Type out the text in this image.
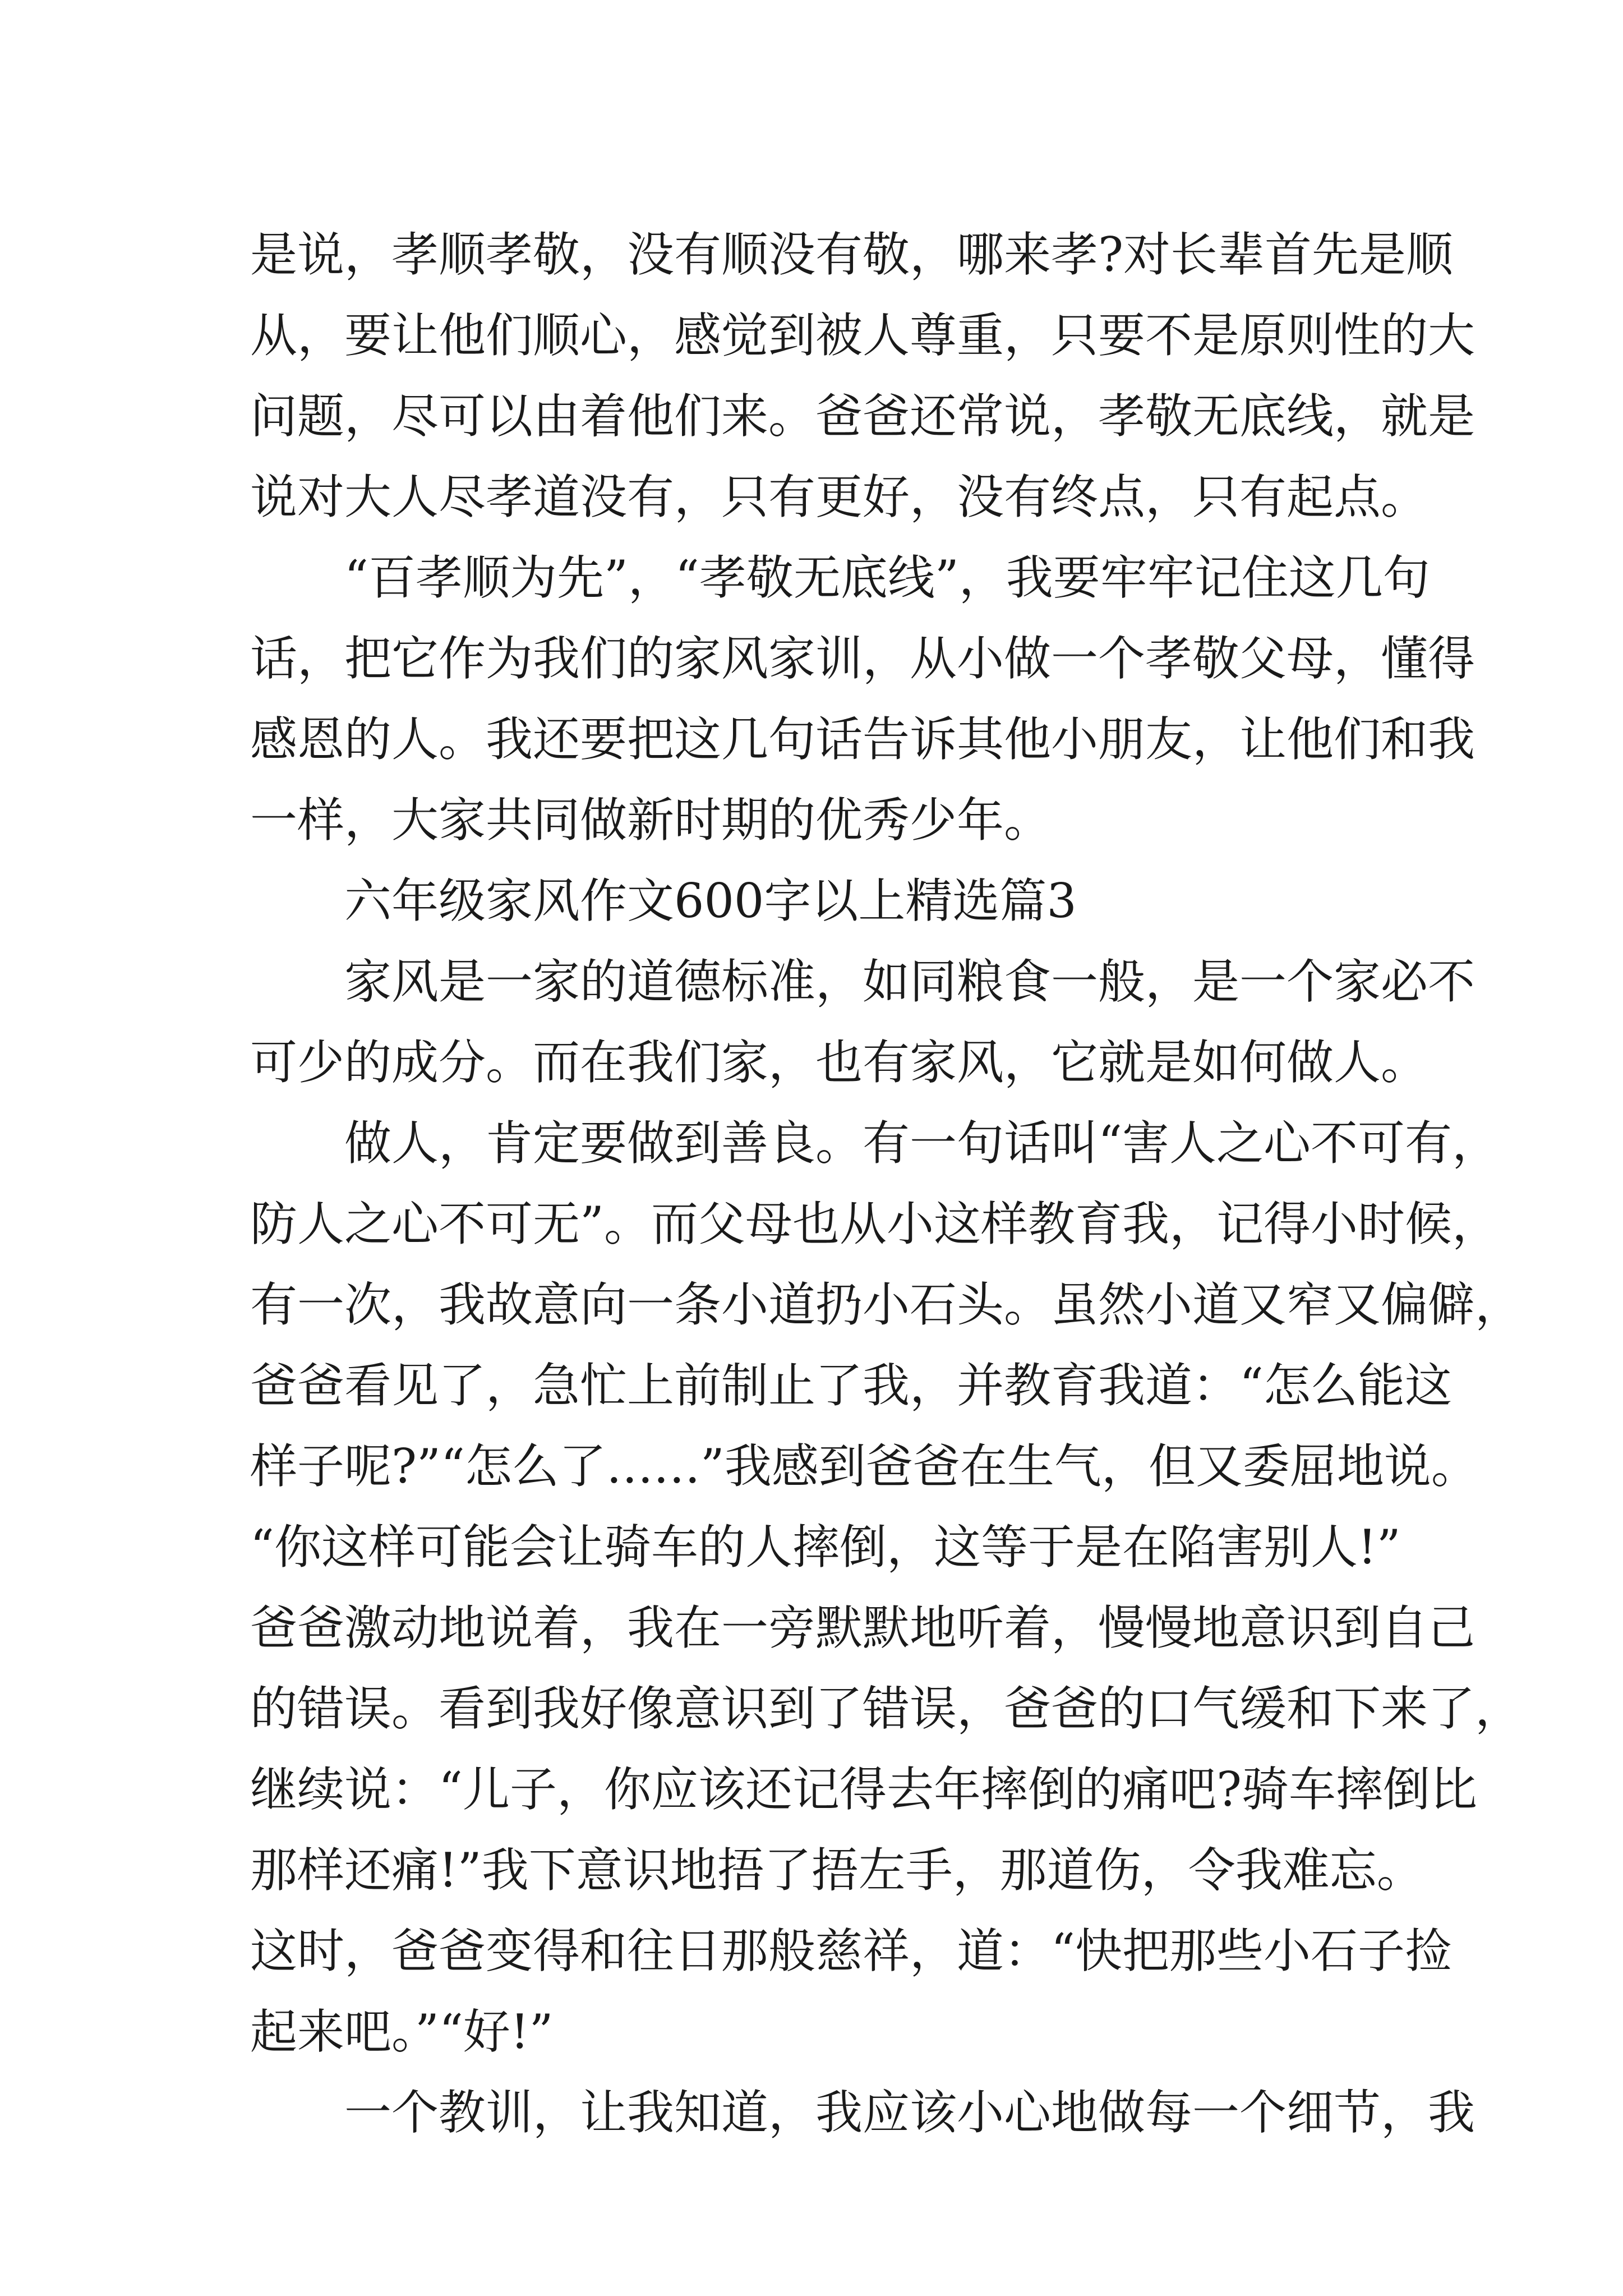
是说，孝顺孝敬，没有顺没有敬，哪来孝?对长辈首先是顺
从，要让他们顺心，感觉到被人尊重，只要不是原则性的大
问题，尽可以由着他们来。爸爸还常说，孝敬无底线，就是
说对大人尽孝道没有，只有更好，没有终点，只有起点。
“百孝顺为先”，“孝敬无底线”，我要牢牢记住这几句
话，把它作为我们的家风家训，从小做一个孝敬父母，懂得
感恩的人。我还要把这几句话告诉其他小朋友，让他们和我
一样，大家共同做新时期的优秀少年。
六年级家风作文600字以上精选篇3
家风是一家的道德标准，如同粮食一般，是一个家必不
可少的成分。而在我们家，也有家风，它就是如何做人。
做人，肯定要做到善良。有一句话叫“害人之心不可有，
防人之心不可无”。而父母也从小这样教育我，记得小时候，
有一次，我故意向一条小道扔小石头。虽然小道又窄又偏僻，
爸爸看见了，急忙上前制止了我，并教育我道：“怎么能这
样子呢?”“怎么了……”我感到爸爸在生气，但又委屈地说。
“你这样可能会让骑车的人摔倒，这等于是在陷害别人!”
爸爸激动地说着，我在一旁默默地听着，慢慢地意识到自己
的错误。看到我好像意识到了错误，爸爸的口气缓和下来了，
继续说：“儿子，你应该还记得去年摔倒的痛吧?骑车摔倒比
那样还痛!”我下意识地捂了捂左手，那道伤，令我难忘。
这时，爸爸变得和往日那般慈祥，道：“快把那些小石子捡
起来吧。”“好!”
一个教训，让我知道，我应该小心地做每一个细节，我
